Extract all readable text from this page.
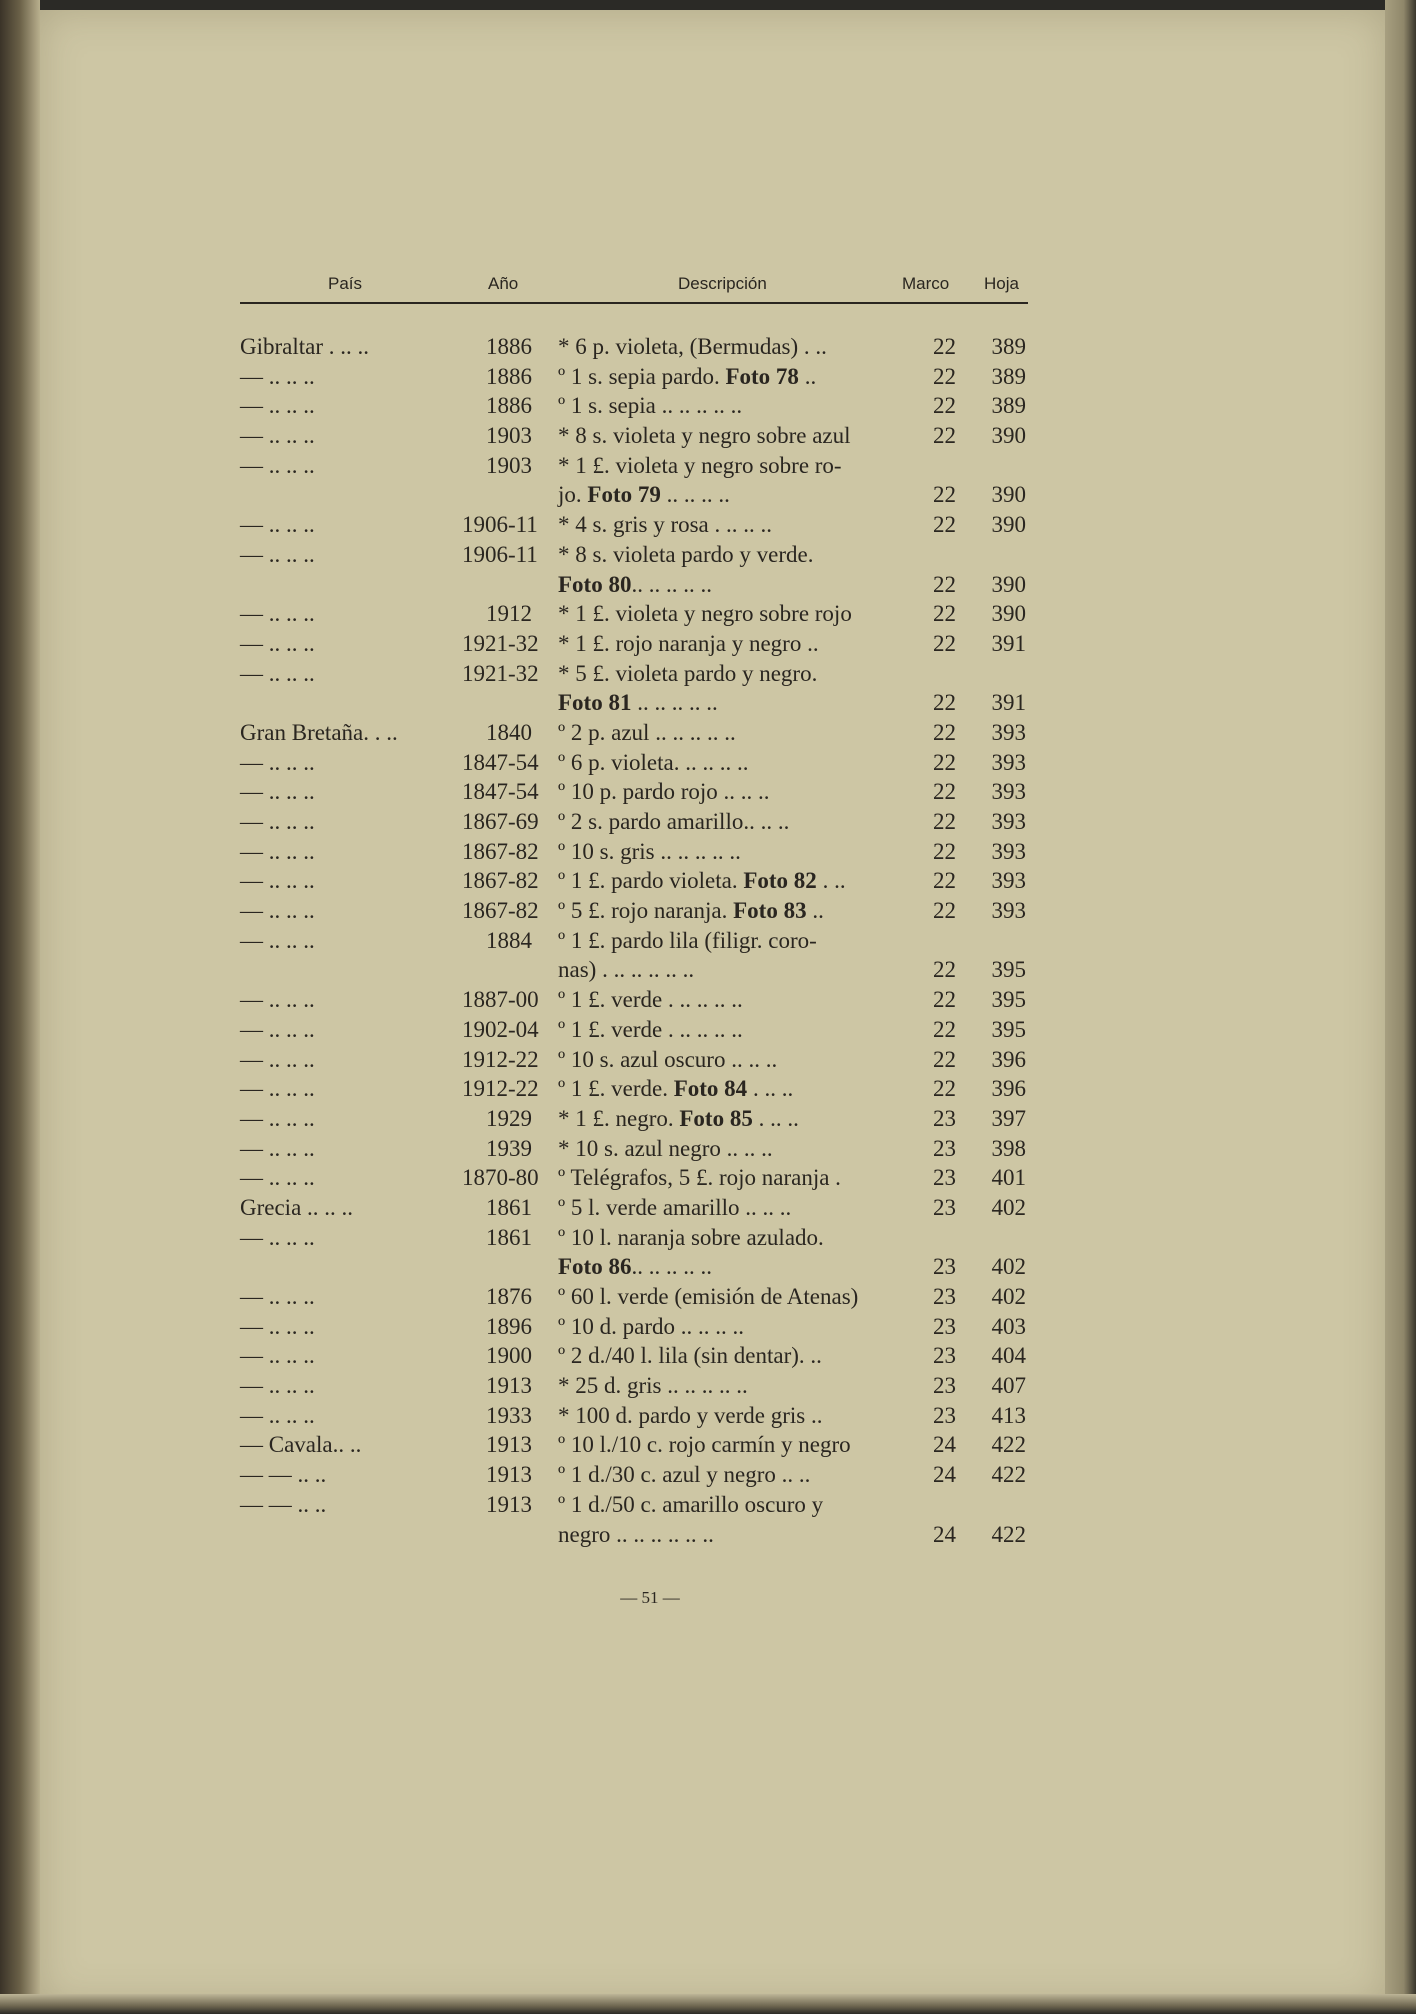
País	Año	Descripción	Marco Hoja
Gibraltar . .. ..	1886 * 6 p. violeta, (Bermudas) . ..	22	389
— .. .. ..	1886 º 1 s. sepia pardo. Foto 78 ..	22	389
— .. .. ..	1886 º 1 s. sepia .. .. .. .. ..	22	389
— .. .. ..	1903 * 8 s. violeta y negro sobre azul	22	390
— .. .. ..	1903 * 1 £. violeta y negro sobre ro-
jo. Foto 79 .. .. .. ..	22	390
— .. .. ..	1906-11 * 4 s. gris y rosa . .. .. ..	22	390
— .. .. ..	1906-11 * 8 s. violeta pardo y verde.
Foto 80.. .. .. .. ..	22	390
— .. .. ..	1912 * 1 £. violeta y negro sobre rojo	22	390
— .. .. ..	1921-32 * 1 £. rojo naranja y negro ..	22	391
— .. .. ..	1921-32 * 5 £. violeta pardo y negro.
Foto 81 .. .. .. .. ..	22	391
Gran Bretaña. . ..	1840 º 2 p. azul .. .. .. .. ..	22	393
— .. .. ..	1847-54 º 6 p. violeta. .. .. .. ..	22	393
— .. .. ..	1847-54 º 10 p. pardo rojo .. .. ..	22	393
— .. .. ..	1867-69 º 2 s. pardo amarillo.. .. ..	22	393
— .. .. ..	1867-82 º 10 s. gris .. .. .. .. ..	22	393
— .. .. ..	1867-82 º 1 £. pardo violeta. Foto 82 . ..	22	393
— .. .. ..	1867-82 º 5 £. rojo naranja. Foto 83 ..	22	393
— .. .. ..	1884 º 1 £. pardo lila (filigr. coro-
nas) . .. .. .. .. ..	22	395
— .. .. ..	1887-00 º 1 £. verde . .. .. .. ..	22	395
— .. .. ..	1902-04 º 1 £. verde . .. .. .. ..	22	395
— .. .. ..	1912-22 º 10 s. azul oscuro .. .. ..	22	396
— .. .. ..	1912-22 º 1 £. verde. Foto 84 . .. ..	22	396
— .. .. ..	1929 * 1 £. negro. Foto 85 . .. ..	23	397
— .. .. ..	1939 * 10 s. azul negro .. .. ..	23	398
— .. .. ..	1870-80 º Telégrafos, 5 £. rojo naranja .	23	401
Grecia .. .. ..	1861 º 5 l. verde amarillo .. .. ..	23	402
— .. .. ..	1861 º 10 l. naranja sobre azulado.
Foto 86.. .. .. .. ..	23	402
— .. .. ..	1876 º 60 l. verde (emisión de Atenas)	23	402
— .. .. ..	1896 º 10 d. pardo .. .. .. ..	23	403
— .. .. ..	1900 º 2 d./40 l. lila (sin dentar). ..	23	404
— .. .. ..	1913 * 25 d. gris .. .. .. .. ..	23	407
— .. .. ..	1933 * 100 d. pardo y verde gris ..	23	413
— Cavala.. ..	1913 º 10 l./10 c. rojo carmín y negro	24	422
— — .. ..	1913 º 1 d./30 c. azul y negro .. ..	24	422
— — .. ..	1913 º 1 d./50 c. amarillo oscuro y
negro .. .. .. .. .. ..	24	422
— 51 —
